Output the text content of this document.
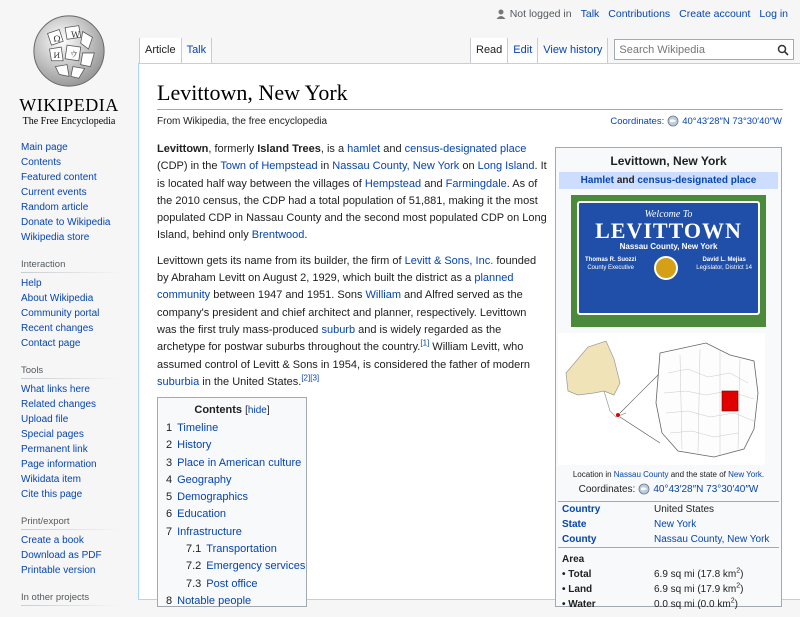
Ω W
И ウ
WIKIPEDIA
The Free Encyclopedia
Not logged in Talk Contributions Create account Log in
Article	Talk	Read	Edit	View history
Search Wikipedia
Main page
Contents
Featured content
Current events
Random article
Donate to Wikipedia
Wikipedia store
Interaction
Help
About Wikipedia
Community portal
Recent changes
Contact page
Tools
What links here
Related changes
Upload file
Special pages
Permanent link
Page information
Wikidata item
Cite this page
Print/export
Create a book
Download as PDF
Printable version
In other projects
Levittown, New York
From Wikipedia, the free encyclopedia	Coordinates: 40°43′28″N 73°30′40″W

Levittown, formerly Island Trees, is a hamlet and census-designated place (CDP) in the Town of Hempstead in Nassau County, New York on Long Island. It is located half way between the villages of Hempstead and Farmingdale. As of the 2010 census, the CDP had a total population of 51,881, making it the most populated CDP in Nassau County and the second most populated CDP on Long Island, behind only Brentwood.

Levittown gets its name from its builder, the firm of Levitt & Sons, Inc. founded by Abraham Levitt on August 2, 1929, which built the district as a planned community between 1947 and 1951. Sons William and Alfred served as the company's president and chief architect and planner, respectively. Levittown was the first truly mass-produced suburb and is widely regarded as the archetype for postwar suburbs throughout the country.[1] William Levitt, who assumed control of Levitt & Sons in 1954, is considered the father of modern suburbia in the United States.[2][3]

Contents [hide]
1 Timeline
2 History
3 Place in American culture
4 Geography
5 Demographics
6 Education
7 Infrastructure
7.1 Transportation
7.2 Emergency services
7.3 Post office
8 Notable people
Levittown, New York
Hamlet and census-designated place
Welcome To
LEVITTOWN
Nassau County, New York
Thomas R. Suozzi
County Executive
David L. Mejias
Legislator, District 14
Location in Nassau County and the state of New York.
Coordinates: 40°43′28″N 73°30′40″W
Country	United States
State	New York
County	Nassau County, New York
Area	
• Total	6.9 sq mi (17.8 $km^2$)
• Land	6.9 sq mi (17.9 $km^2$)
• Water	0.0 sq mi (0.0 $km^2$)
